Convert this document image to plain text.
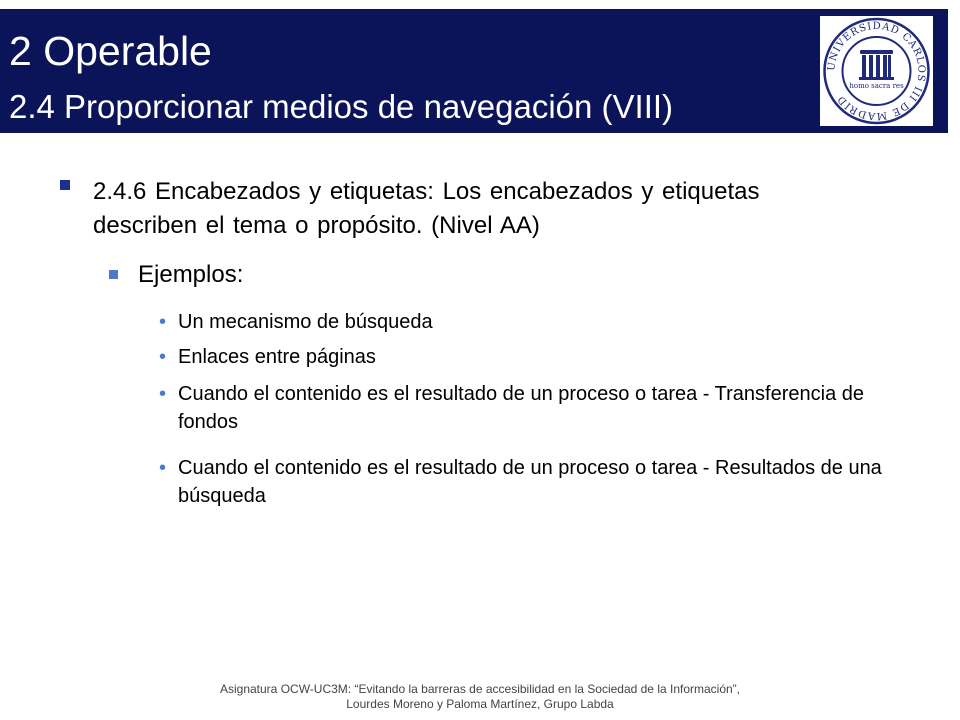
2 Operable
2.4 Proporcionar medios de navegación (VIII)
UNIVERSIDAD CARLOS III DE MADRID
homo sacra res
2.4.6 Encabezados y etiquetas: Los encabezados y etiquetas describen el tema o propósito. (Nivel AA)
Ejemplos:
• Un mecanismo de búsqueda
• Enlaces entre páginas
• Cuando el contenido es el resultado de un proceso o tarea - Transferencia de fondos
• Cuando el contenido es el resultado de un proceso o tarea - Resultados de una búsqueda
Asignatura OCW-UC3M: “Evitando la barreras de accesibilidad en la Sociedad de la Información”,
Lourdes Moreno y Paloma Martínez, Grupo Labda
